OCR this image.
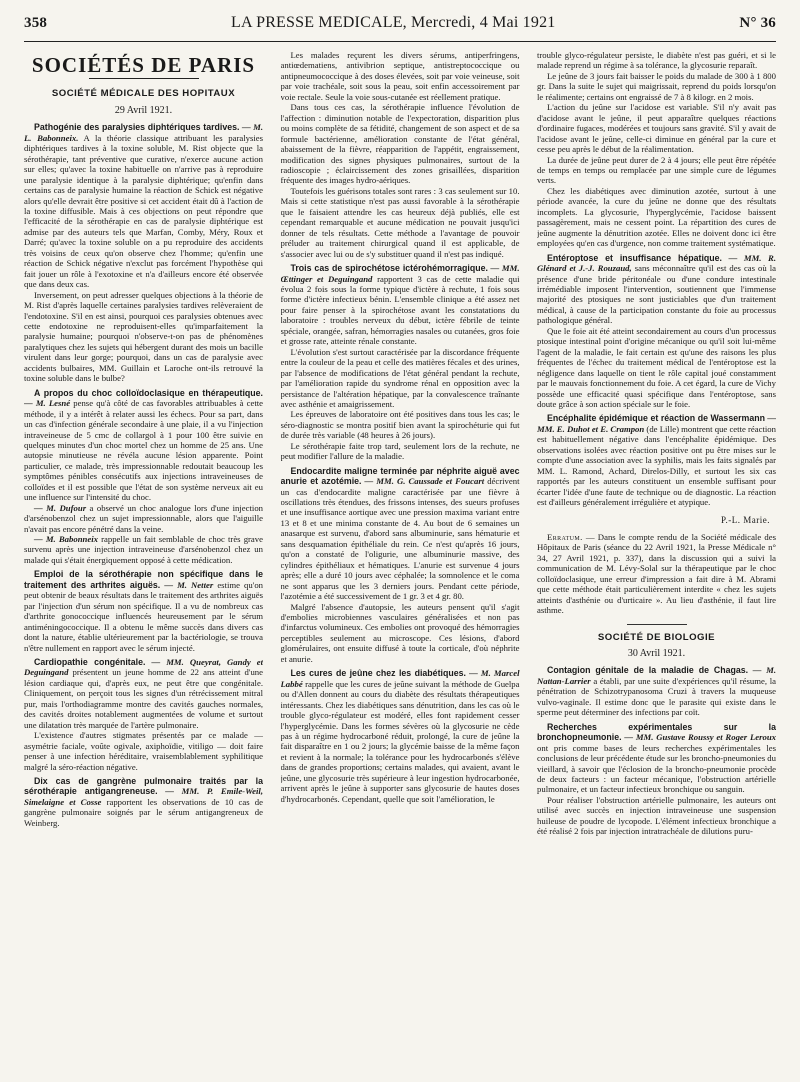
358	LA PRESSE MEDICALE, Mercredi, 4 Mai 1921	N° 36
SOCIÉTÉS DE PARIS
SOCIÉTÉ MÉDICALE DES HOPITAUX
29 Avril 1921.

Pathogénie des paralysies diphtériques tardives. — M. L. Babonneix. A la théorie classique attribuant les paralysies diphtériques tardives à la toxine soluble, M. Rist objecte que la sérothérapie, tant préventive que curative, n'exerce aucune action sur elles; qu'avec la toxine habituelle on n'arrive pas à reproduire une paralysie identique à la paralysie diphtérique; qu'enfin dans certains cas de paralysie humaine la réaction de Schick est négative alors qu'elle devrait être positive si cet accident était dû à l'action de la toxine diffusible. Mais à ces objections on peut répondre que l'efficacité de la sérothérapie en cas de paralysie diphtérique est admise par des auteurs tels que Marfan, Comby, Méry, Roux et Darré; qu'avec la toxine soluble on a pu reproduire des accidents très voisins de ceux qu'on observe chez l'homme; qu'enfin une réaction de Schick négative n'exclut pas forcément l'hypothèse qui fait jouer un rôle à l'exotoxine et n'a d'ailleurs encore été observée que dans deux cas.

Inversement, on peut adresser quelques objections à la théorie de M. Rist d'après laquelle certaines paralysies tardives relèveraient de l'endotoxine. S'il en est ainsi, pourquoi ces paralysies obtenues avec cette endotoxine ne reproduisent-elles qu'imparfaitement la paralysie humaine; pourquoi n'observe-t-on pas de phénomènes paralytiques chez les sujets qui hébergent durant des mois un bacille virulent dans leur gorge; pourquoi, dans un cas de paralysie avec accidents bulbaires, MM. Guillain et Laroche ont-ils retrouvé la toxine soluble dans le bulbe?

A propos du choc colloïdoclasique en thérapeutique. — M. Lesné pense qu'à côté de cas favorables attribuables à cette méthode, il y a intérêt à relater aussi les échecs. Pour sa part, dans un cas d'infection générale secondaire à une plaie, il a vu l'injection intraveineuse de 5 cmc de collargol à 1 pour 100 être suivie en quelques minutes d'un choc mortel chez un homme de 25 ans. Une autopsie minutieuse ne révéla aucune lésion apparente. Point particulier, ce malade, très impressionnable redoutait beaucoup les symptômes pénibles consécutifs aux injections intraveineuses de colloïdes et il est possible que l'état de son système nerveux ait eu une influence sur l'intensité du choc.

— M. Dufour a observé un choc analogue lors d'une injection d'arsénobenzol chez un sujet impressionnable, alors que l'aiguille n'avait pas encore pénétré dans la veine.

— M. Babonneix rappelle un fait semblable de choc très grave survenu après une injection intraveineuse d'arsénobenzol chez un malade qui s'était énergiquement opposé à cette médication.

Emploi de la sérothérapie non spécifique dans le traitement des arthrites aiguës. — M. Netter estime qu'on peut obtenir de beaux résultats dans le traitement des arthrites aiguës par l'injection d'un sérum non spécifique. Il a vu de nombreux cas d'arthrite gonococcique influencés heureusement par le sérum antiméningococcique. Il a obtenu le même succès dans divers cas dont la nature, établie ultérieurement par la bactériologie, se trouva n'être nullement en rapport avec le sérum injecté.

Cardiopathie congénitale. — MM. Queyrat, Gandy et Deguingand présentent un jeune homme de 22 ans atteint d'une lésion cardiaque qui, d'après eux, ne peut être que congénitale. Cliniquement, on perçoit tous les signes d'un rétrécissement mitral pur, mais l'orthodiagramme montre des cavités gauches normales, des cavités droites notablement augmentées de volume et surtout une dilatation très marquée de l'artère pulmonaire.

L'existence d'autres stigmates présentés par ce malade — asymétrie faciale, voûte ogivale, axiphoïdie, vitiligo — doit faire penser à une infection héréditaire, vraisemblablement syphilitique malgré la séro-réaction négative.

Dix cas de gangrène pulmonaire traités par la sérothérapie antigangreneuse. — MM. P. Emile-Weil, Simelaigne et Cosse rapportent les observations de 10 cas de gangrène pulmonaire soignés par le sérum antigangreneux de Weinberg.

Les malades reçurent les divers sérums, antiperfringens, antiœdematiens, antivibrion septique, antistreptococcique ou antipneumococcique à des doses élevées, soit par voie veineuse, soit par voie trachéale, soit sous la peau, soit enfin accessoirement par voie rectale. Seule la voie sous-cutanée est réellement pratique.

Dans tous ces cas, la sérothérapie influence l'évolution de l'affection : diminution notable de l'expectoration, disparition plus ou moins complète de sa fétidité, changement de son aspect et de sa formule bactérienne, amélioration constante de l'état général, abaissement de la fièvre, réapparition de l'appétit, engraissement, modification des signes physiques pulmonaires, surtout de la radioscopie ; éclaircissement des zones grisaillées, disparition fréquente des images hydro-aériques.

Toutefois les guérisons totales sont rares : 3 cas seulement sur 10. Mais si cette statistique n'est pas aussi favorable à la sérothérapie que le faisaient attendre les cas heureux déjà publiés, elle est cependant remarquable et aucune médication ne pouvait jusqu'ici donner de tels résultats. Cette méthode a l'avantage de pouvoir préluder au traitement chirurgical quand il est applicable, de s'associer avec lui ou de s'y substituer quand il n'est pas indiqué.

Trois cas de spirochétose ictérohémorragique. — MM. Œttinger et Deguingand rapportent 3 cas de cette maladie qui évolua 2 fois sous la forme typique d'ictère à rechute, 1 fois sous forme d'ictère infectieux bénin. L'ensemble clinique a été assez net pour faire penser à la spirochétose avant les constatations du laboratoire : troubles nerveux du début, ictère fébrile de teinte spéciale, orangée, safran, hémorragies nasales ou cutanées, gros foie et grosse rate, atteinte rénale constante.

L'évolution s'est surtout caractérisée par la discordance fréquente entre la couleur de la peau et celle des matières fécales et des urines, par l'absence de modifications de l'état général pendant la rechute, par l'amélioration rapide du syndrome rénal en opposition avec la persistance de l'altération hépatique, par la convalescence traînante avec asthénie et amaigrissement.

Les épreuves de laboratoire ont été positives dans tous les cas; le séro-diagnostic se montra positif bien avant la spirochéturie qui fut de durée très variable (48 heures à 26 jours).

Le sérothérapie faite trop tard, seulement lors de la rechute, ne peut modifier l'allure de la maladie.

Endocardite maligne terminée par néphrite aiguë avec anurie et azotémie. — MM. G. Caussade et Foucart décrivent un cas d'endocardite maligne caractérisée par une fièvre à oscillations très étendues, des frissons intenses, des sueurs profuses et une insuffisance aortique avec une pression maxima variant entre 13 et 8 et une minima constante de 4. Au bout de 6 semaines un anasarque est survenu, d'abord sans albuminurie, sans hématurie et sans desquamation épithéliale du rein. Ce n'est qu'après 16 jours, qu'on a constaté de l'oligurie, une albuminurie massive, des cylindres épithéliaux et hématiques. L'anurie est survenue 4 jours après; elle a duré 10 jours avec céphalée; la somnolence et le coma ne sont apparus que les 3 derniers jours. Pendant cette période, l'azotémie a été successivement de 1 gr. 3 et 4 gr. 80.

Malgré l'absence d'autopsie, les auteurs pensent qu'il s'agit d'embolies microbiennes vasculaires généralisées et non pas d'infarctus volumineux. Ces embolies ont provoqué des hémorragies perceptibles seulement au microscope. Ces lésions, d'abord glomérulaires, ont ensuite diffusé à toute la corticale, d'où néphrite et anurie.

Les cures de jeûne chez les diabétiques. — M. Marcel Labbé rappelle que les cures de jeûne suivant la méthode de Guelpa ou d'Allen donnent au cours du diabète des résultats thérapeutiques intéressants. Chez les diabétiques sans dénutrition, dans les cas où le trouble glyco-régulateur est modéré, elles font rapidement cesser l'hyperglycémie. Dans les formes sévères où la glycosurie ne cède pas à un régime hydrocarboné réduit, prolongé, la cure de jeûne la fait disparaître en 1 ou 2 jours; la glycémie baisse de la même façon et revient à la normale; la tolérance pour les hydrocarbonés s'élève dans de grandes proportions; certains malades, qui avaient, avant le jeûne, une glycosurie très supérieure à leur ingestion hydrocarbonée, arrivent après le jeûne à supporter sans glycosurie de hautes doses d'hydrocarbonés. Cependant, quelle que soit l'amélioration, le

trouble glyco-régulateur persiste, le diabète n'est pas guéri, et si le malade reprend un régime à sa tolérance, la glycosurie reparaît.

Le jeûne de 3 jours fait baisser le poids du malade de 300 à 1 800 gr. Dans la suite le sujet qui maigrissait, reprend du poids lorsqu'on le réalimente; certains ont engraissé de 7 à 8 kilogr. en 2 mois.

L'action du jeûne sur l'acidose est variable. S'il n'y avait pas d'acidose avant le jeûne, il peut apparaître quelques réactions d'ordinaire fugaces, modérées et toujours sans gravité. S'il y avait de l'acidose avant le jeûne, celle-ci diminue en général par la cure et cesse peu après le début de la réalimentation.

La durée de jeûne peut durer de 2 à 4 jours; elle peut être répétée de temps en temps ou remplacée par une simple cure de légumes verts.

Chez les diabétiques avec diminution azotée, surtout à une période avancée, la cure du jeûne ne donne que des résultats incomplets. La glycosurie, l'hyperglycémie, l'acidose baissent passagèrement, mais ne cessent point. La répartition des cures de jeûne augmente la dénutrition azotée. Elles ne doivent donc ici être employées qu'en cas d'urgence, non comme traitement systématique.

Entéroptose et insuffisance hépatique. — MM. R. Glénard et J.-J. Rouzaud, sans méconnaître qu'il est des cas où la présence d'une bride péritonéale ou d'une condure intestinale irrémédiable imposent l'intervention, soutiennent que l'immense majorité des ptosiques ne sont justiciables que d'un traitement médical, à cause de la participation constante du foie au processus pathologique général.

Que le foie ait été atteint secondairement au cours d'un processus ptosique intestinal point d'origine mécanique ou qu'il soit lui-même l'agent de la maladie, le fait certain est qu'une des raisons les plus fréquentes de l'échec du traitement médical de l'entéroptose est la négligence dans laquelle on tient le rôle capital joué constamment par le mauvais fonctionnement du foie. A cet égard, la cure de Vichy possède une efficacité quasi spécifique dans l'entéroptose, sans doute grâce à son action spéciale sur le foie.

Encéphalite épidémique et réaction de Wassermann — MM. E. Duhot et E. Crampon (de Lille) montrent que cette réaction est habituellement négative dans l'encéphalite épidémique. Des observations isolées avec réaction positive ont pu être mises sur le compte d'une association avec la syphilis, mais les faits signalés par MM. L. Ramond, Achard, Direlos-Dilly, et surtout les six cas rapportés par les auteurs constituent un ensemble suffisant pour écarter l'idée d'une faute de technique ou de diagnostic. La réaction est d'ailleurs généralement irrégulière et atypique.

P.-L. Marie.

Erratum. — Dans le compte rendu de la Société médicale des Hôpitaux de Paris (séance du 22 Avril 1921, la Presse Médicale n° 34, 27 Avril 1921, p. 337), dans la discussion qui a suivi la communication de M. Lévy-Solal sur la thérapeutique par le choc colloïdoclasique, une erreur d'impression a fait dire à M. Abrami que cette méthode était particulièrement interdite « chez les sujets atteints d'asthénie ou d'urticaire ». Au lieu d'asthénie, il faut lire asthme.

SOCIÉTÉ DE BIOLOGIE
30 Avril 1921.

Contagion génitale de la maladie de Chagas. — M. Nattan-Larrier a établi, par une suite d'expériences qu'il résume, la pénétration de Schizotrypanosoma Cruzi à travers la muqueuse vulvo-vaginale. Il estime donc que le parasite qui existe dans le sperme peut déterminer des infections par coït.

Recherches expérimentales sur la bronchopneumonie. — MM. Gustave Roussy et Roger Leroux ont pris comme bases de leurs recherches expérimentales les conclusions de leur précédente étude sur les broncho-pneumonies du vieillard, à savoir que l'éclosion de la broncho-pneumonie procède de deux facteurs : un facteur mécanique, l'obstruction artérielle pulmonaire, et un facteur infectieux bronchique ou sanguin.

Pour réaliser l'obstruction artérielle pulmonaire, les auteurs ont utilisé avec succès en injection intraveineuse une suspension huileuse de poudre de lycopode. L'élément infectieux bronchique a été réalisé 2 fois par injection intratrachéale de dilutions puru-
